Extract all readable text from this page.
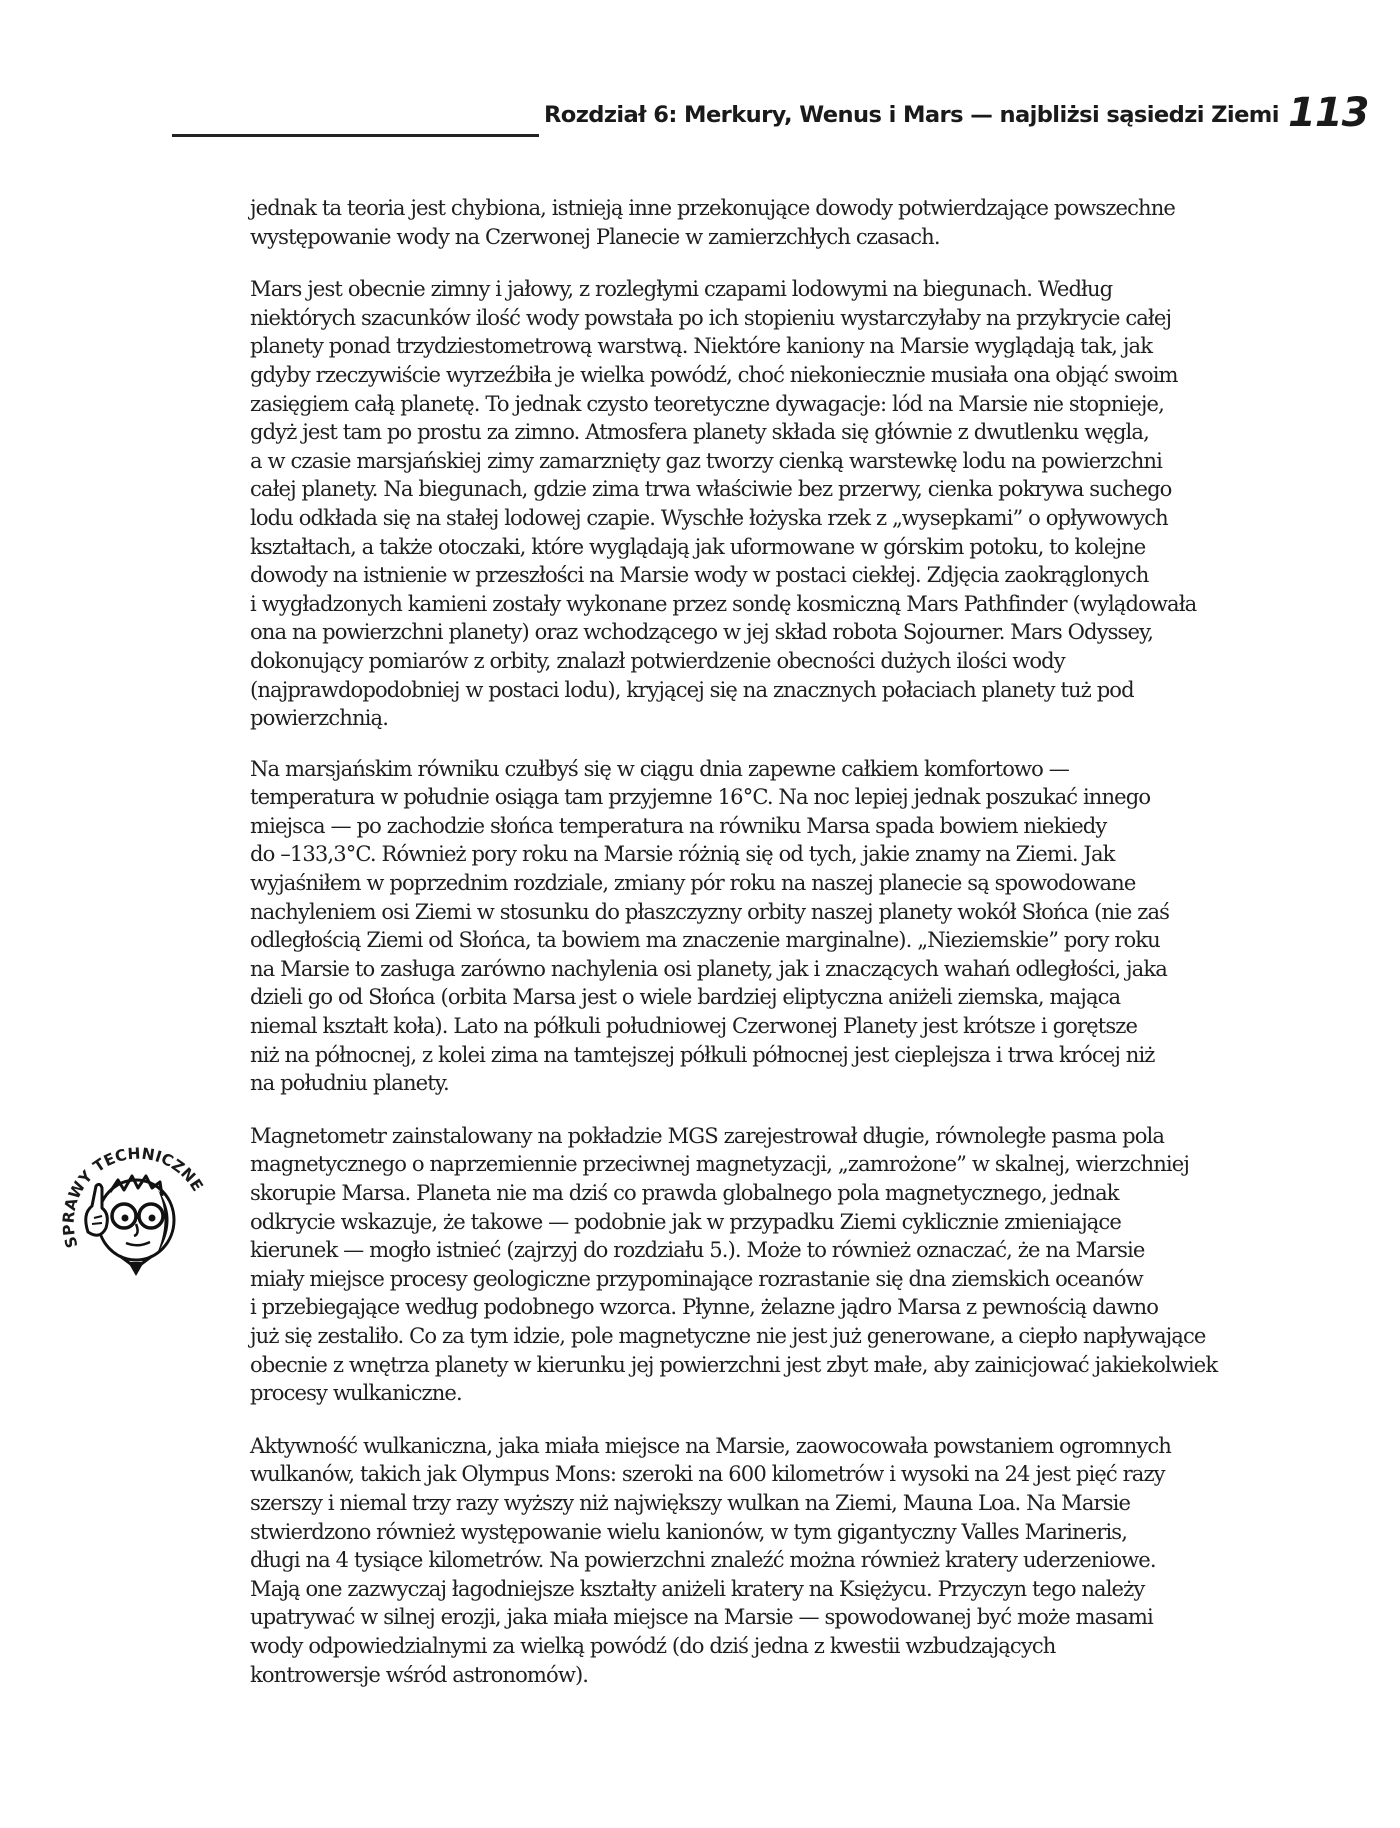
Rozdział 6: Merkury, Wenus i Mars — najbliżsi sąsiedzi Ziemi 113
SPRAWY TECHNICZNE
jednak ta teoria jest chybiona, istnieją inne przekonujące dowody potwierdzające powszechne
występowanie wody na Czerwonej Planecie w zamierzchłych czasach.
Mars jest obecnie zimny i jałowy, z rozległymi czapami lodowymi na biegunach. Według
niektórych szacunków ilość wody powstała po ich stopieniu wystarczyłaby na przykrycie całej
planety ponad trzydziestometrową warstwą. Niektóre kaniony na Marsie wyglądają tak, jak
gdyby rzeczywiście wyrzeźbiła je wielka powódź, choć niekoniecznie musiała ona objąć swoim
zasięgiem całą planetę. To jednak czysto teoretyczne dywagacje: lód na Marsie nie stopnieje,
gdyż jest tam po prostu za zimno. Atmosfera planety składa się głównie z dwutlenku węgla,
a w czasie marsjańskiej zimy zamarznięty gaz tworzy cienką warstewkę lodu na powierzchni
całej planety. Na biegunach, gdzie zima trwa właściwie bez przerwy, cienka pokrywa suchego
lodu odkłada się na stałej lodowej czapie. Wyschłe łożyska rzek z „wysepkami” o opływowych
kształtach, a także otoczaki, które wyglądają jak uformowane w górskim potoku, to kolejne
dowody na istnienie w przeszłości na Marsie wody w postaci ciekłej. Zdjęcia zaokrąglonych
i wygładzonych kamieni zostały wykonane przez sondę kosmiczną Mars Pathfinder (wylądowała
ona na powierzchni planety) oraz wchodzącego w jej skład robota Sojourner. Mars Odyssey,
dokonujący pomiarów z orbity, znalazł potwierdzenie obecności dużych ilości wody
(najprawdopodobniej w postaci lodu), kryjącej się na znacznych połaciach planety tuż pod
powierzchnią.
Na marsjańskim równiku czułbyś się w ciągu dnia zapewne całkiem komfortowo —
temperatura w południe osiąga tam przyjemne 16°C. Na noc lepiej jednak poszukać innego
miejsca — po zachodzie słońca temperatura na równiku Marsa spada bowiem niekiedy
do –133,3°C. Również pory roku na Marsie różnią się od tych, jakie znamy na Ziemi. Jak
wyjaśniłem w poprzednim rozdziale, zmiany pór roku na naszej planecie są spowodowane
nachyleniem osi Ziemi w stosunku do płaszczyzny orbity naszej planety wokół Słońca (nie zaś
odległością Ziemi od Słońca, ta bowiem ma znaczenie marginalne). „Nieziemskie” pory roku
na Marsie to zasługa zarówno nachylenia osi planety, jak i znaczących wahań odległości, jaka
dzieli go od Słońca (orbita Marsa jest o wiele bardziej eliptyczna aniżeli ziemska, mająca
niemal kształt koła). Lato na półkuli południowej Czerwonej Planety jest krótsze i gorętsze
niż na północnej, z kolei zima na tamtejszej półkuli północnej jest cieplejsza i trwa krócej niż
na południu planety.
Magnetometr zainstalowany na pokładzie MGS zarejestrował długie, równoległe pasma pola
magnetycznego o naprzemiennie przeciwnej magnetyzacji, „zamrożone” w skalnej, wierzchniej
skorupie Marsa. Planeta nie ma dziś co prawda globalnego pola magnetycznego, jednak
odkrycie wskazuje, że takowe — podobnie jak w przypadku Ziemi cyklicznie zmieniające
kierunek — mogło istnieć (zajrzyj do rozdziału 5.). Może to również oznaczać, że na Marsie
miały miejsce procesy geologiczne przypominające rozrastanie się dna ziemskich oceanów
i przebiegające według podobnego wzorca. Płynne, żelazne jądro Marsa z pewnością dawno
już się zestaliło. Co za tym idzie, pole magnetyczne nie jest już generowane, a ciepło napływające
obecnie z wnętrza planety w kierunku jej powierzchni jest zbyt małe, aby zainicjować jakiekolwiek
procesy wulkaniczne.
Aktywność wulkaniczna, jaka miała miejsce na Marsie, zaowocowała powstaniem ogromnych
wulkanów, takich jak Olympus Mons: szeroki na 600 kilometrów i wysoki na 24 jest pięć razy
szerszy i niemal trzy razy wyższy niż największy wulkan na Ziemi, Mauna Loa. Na Marsie
stwierdzono również występowanie wielu kanionów, w tym gigantyczny Valles Marineris,
długi na 4 tysiące kilometrów. Na powierzchni znaleźć można również kratery uderzeniowe.
Mają one zazwyczaj łagodniejsze kształty aniżeli kratery na Księżycu. Przyczyn tego należy
upatrywać w silnej erozji, jaka miała miejsce na Marsie — spowodowanej być może masami
wody odpowiedzialnymi za wielką powódź (do dziś jedna z kwestii wzbudzających
kontrowersje wśród astronomów).
